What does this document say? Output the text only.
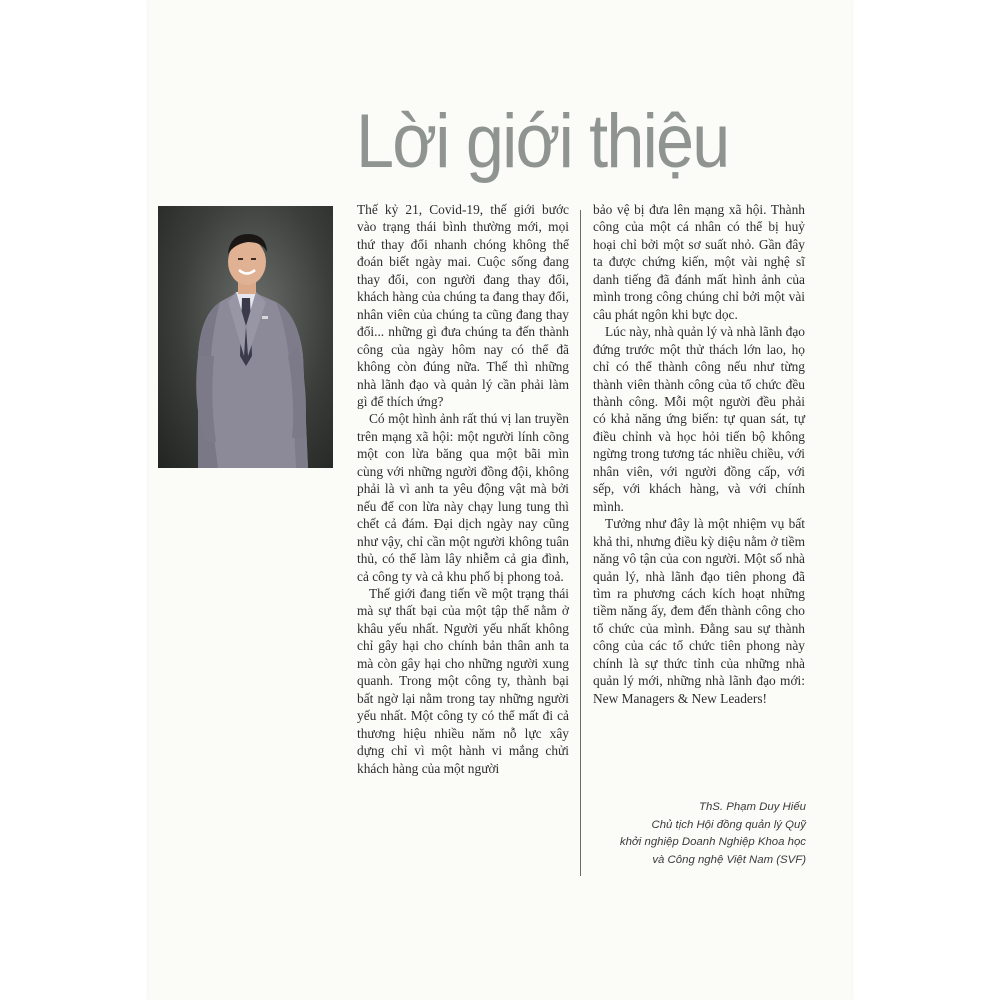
Lời giới thiệu

Thế kỷ 21, Covid-19, thế giới bước vào trạng thái bình thường mới, mọi thứ thay đổi nhanh chóng không thể đoán biết ngày mai. Cuộc sống đang thay đổi, con người đang thay đổi, khách hàng của chúng ta đang thay đổi, nhân viên của chúng ta cũng đang thay đổi... những gì đưa chúng ta đến thành công của ngày hôm nay có thể đã không còn đúng nữa. Thế thì những nhà lãnh đạo và quản lý cần phải làm gì để thích ứng?

Có một hình ảnh rất thú vị lan truyền trên mạng xã hội: một người lính cõng một con lừa băng qua một bãi mìn cùng với những người đồng đội, không phải là vì anh ta yêu động vật mà bởi nếu để con lừa này chạy lung tung thì chết cả đám. Đại dịch ngày nay cũng như vậy, chỉ cần một người không tuân thủ, có thể làm lây nhiễm cả gia đình, cả công ty và cả khu phố bị phong toả.

Thế giới đang tiến về một trạng thái mà sự thất bại của một tập thể nằm ở khâu yếu nhất. Người yếu nhất không chỉ gây hại cho chính bản thân anh ta mà còn gây hại cho những người xung quanh. Trong một công ty, thành bại bất ngờ lại nằm trong tay những người yếu nhất. Một công ty có thể mất đi cả thương hiệu nhiều năm nỗ lực xây dựng chỉ vì một hành vi mắng chửi khách hàng của một người

bảo vệ bị đưa lên mạng xã hội. Thành công của một cá nhân có thể bị huỷ hoại chỉ bởi một sơ suất nhỏ. Gần đây ta được chứng kiến, một vài nghệ sĩ danh tiếng đã đánh mất hình ảnh của mình trong công chúng chỉ bởi một vài câu phát ngôn khi bực dọc.

Lúc này, nhà quản lý và nhà lãnh đạo đứng trước một thử thách lớn lao, họ chỉ có thể thành công nếu như từng thành viên thành công của tổ chức đều thành công. Mỗi một người đều phải có khả năng ứng biến: tự quan sát, tự điều chỉnh và học hỏi tiến bộ không ngừng trong tương tác nhiều chiều, với nhân viên, với người đồng cấp, với sếp, với khách hàng, và với chính mình.

Tưởng như đây là một nhiệm vụ bất khả thi, nhưng điều kỳ diệu nằm ở tiềm năng vô tận của con người. Một số nhà quản lý, nhà lãnh đạo tiên phong đã tìm ra phương cách kích hoạt những tiềm năng ấy, đem đến thành công cho tổ chức của mình. Đằng sau sự thành công của các tổ chức tiên phong này chính là sự thức tỉnh của những nhà quản lý mới, những nhà lãnh đạo mới: New Managers & New Leaders!

ThS. Phạm Duy Hiếu
Chủ tịch Hội đồng quản lý Quỹ
khởi nghiệp Doanh Nghiệp Khoa học
và Công nghệ Việt Nam (SVF)
